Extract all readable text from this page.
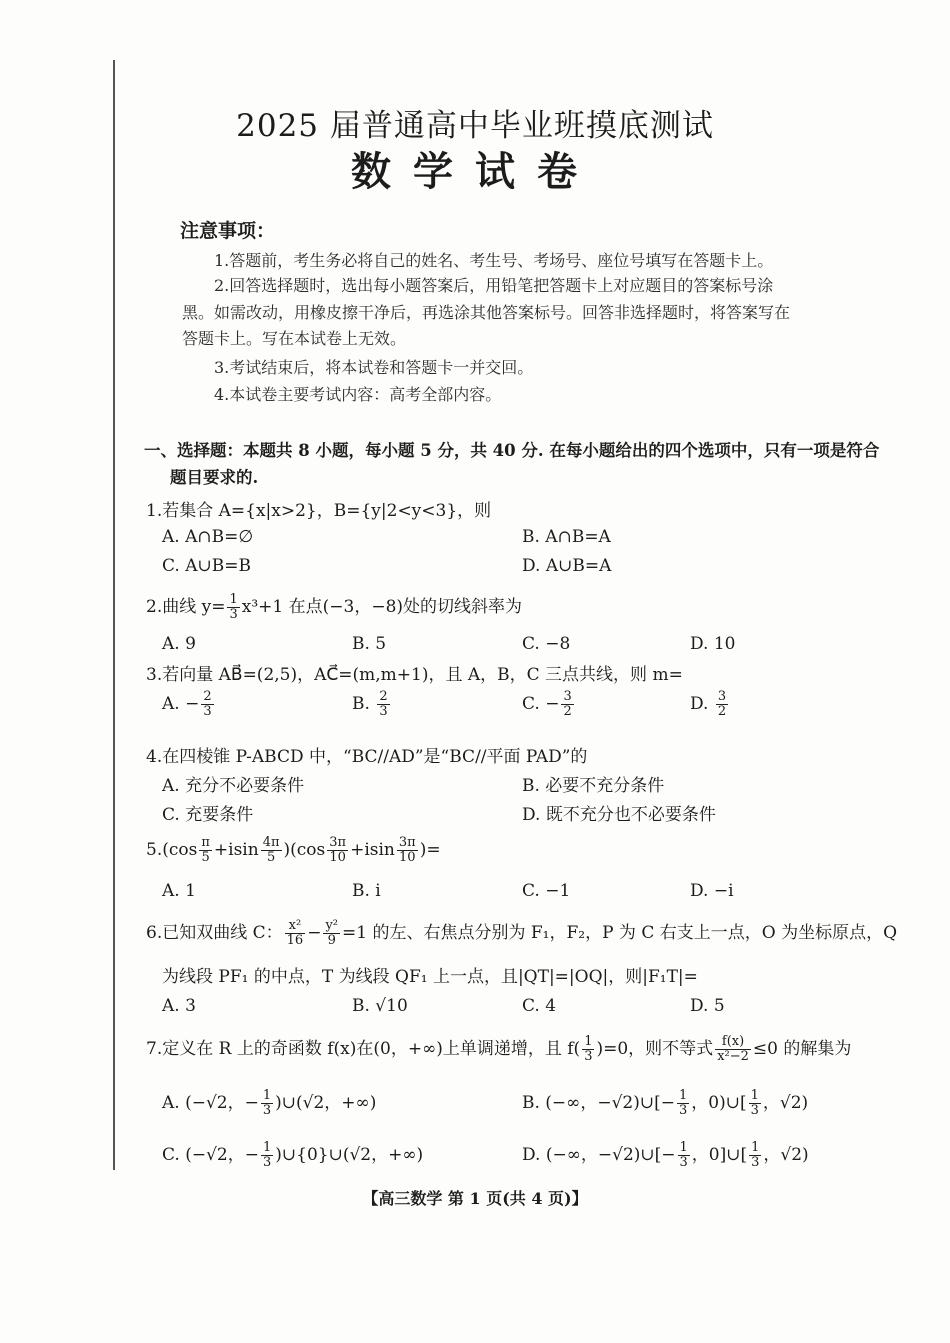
2025 届普通高中毕业班摸底测试
数学试卷
注意事项：
1.答题前，考生务必将自己的姓名、考生号、考场号、座位号填写在答题卡上。
2.回答选择题时，选出每小题答案后，用铅笔把答题卡上对应题目的答案标号涂
黑。如需改动，用橡皮擦干净后，再选涂其他答案标号。回答非选择题时，将答案写在
答题卡上。写在本试卷上无效。
3.考试结束后，将本试卷和答题卡一并交回。
4.本试卷主要考试内容：高考全部内容。
一、选择题：本题共 8 小题，每小题 5 分，共 40 分. 在每小题给出的四个选项中，只有一项是符合
题目要求的.
1.若集合 A={x|x>2}，B={y|2<y<3}，则
A. A∩B=∅	B. A∩B=A
C. A∪B=B	D. A∪B=A
2.曲线 $y= \frac{1}{3} x^3+1$ 在点(−3，−8)处的切线斜率为
A. 9	B. 5	C. −8	D. 10
3.若向量 AB⃗=(2,5)，AC⃗=(m,m+1)，且 A，B，C 三点共线，则 m=
A. − $\frac{2}{3}$	B. $\frac{2}{3}$	C. − $\frac{3}{2}$	D. $\frac{3}{2}$
4.在四棱锥 P-ABCD 中，“BC//AD”是“BC//平面 PAD”的
A. 充分不必要条件	B. 必要不充分条件
C. 充要条件	D. 既不充分也不必要条件
$5.(\cos \frac{\pi}{5} +isin \frac{4\pi}{5} )(\cos \frac{3\pi}{10} +isin \frac{3\pi}{10}$ )=
A. 1	B. i	C. −1	D. −i
6.已知双曲线 C： $\frac{\text{x²}}{16} - \frac{\text{y²}}{9} =1$ 的左、右焦点分别为 F₁，F₂，P 为 C 右支上一点，O 为坐标原点，Q
为线段 PF₁ 的中点，T 为线段 QF₁ 上一点，且|QT|=|OQ|，则|F₁T|=
A. 3	B. √10	C. 4	D. 5
7.定义在 R 上的奇函数 f(x)在(0，+∞)上单调递增，且 $f( \frac{1}{3} )=0$，则不等式 $\frac{f(x)}{\text{x²−2}} \le 0$ 的解集为
A. (−√2，− $\frac{1}{3}$ )∪(√2，+∞)	B. (−∞，−√2)∪[− $\frac{1}{3}$ ，0)∪[ $\frac{1}{3}$ ，√2)
C. (−√2，− $\frac{1}{3}$ )∪{0}∪(√2，+∞)	D. (−∞，−√2)∪[− $\frac{1}{3}$ ，0]∪[ $\frac{1}{3}$ ，√2)
【高三数学 第 1 页(共 4 页)】
